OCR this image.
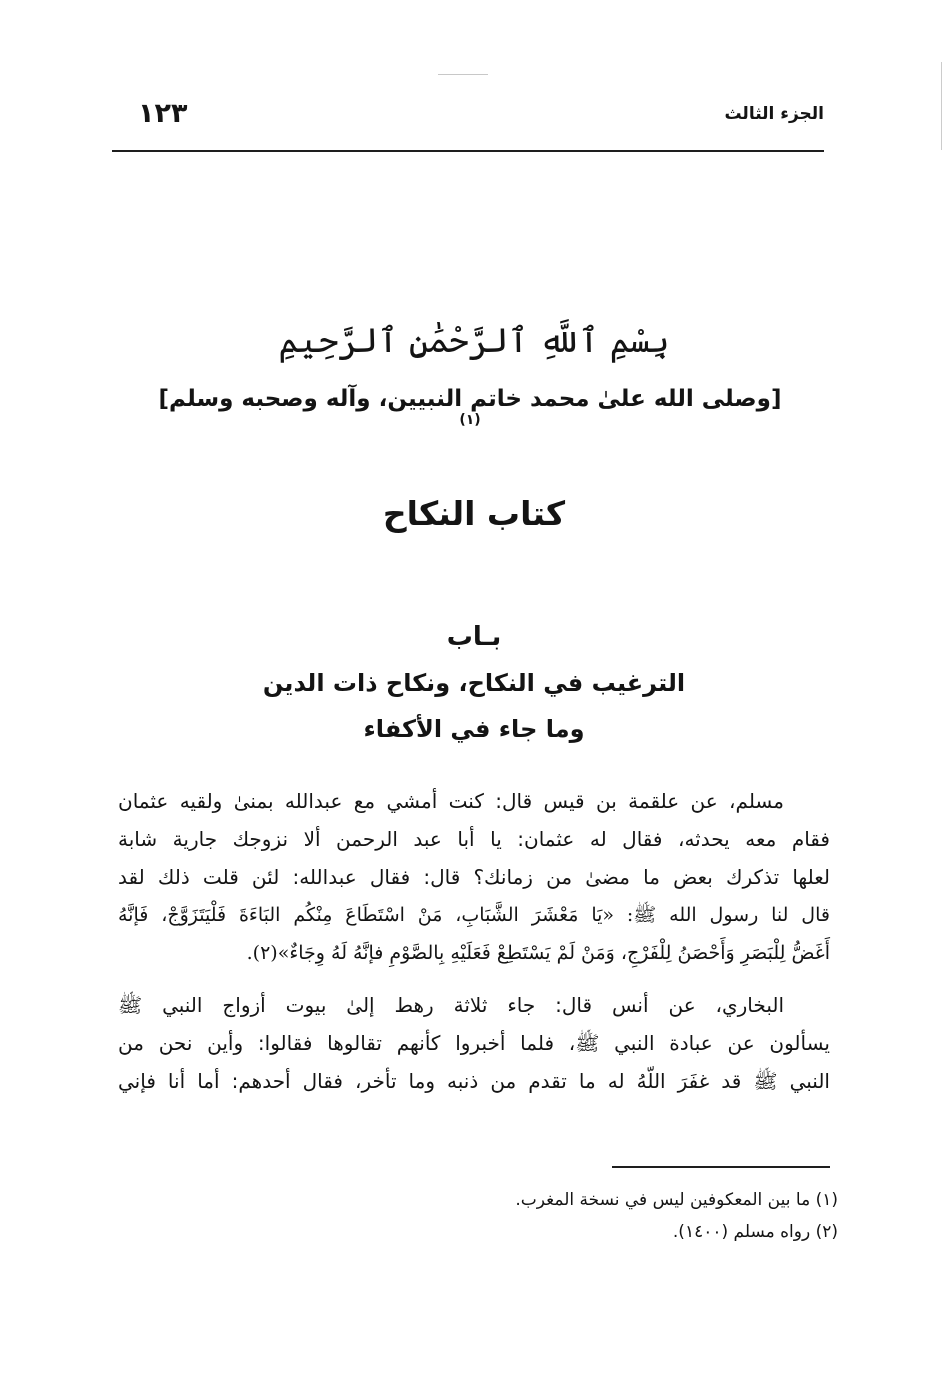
الجزء الثالث
١٢٣
بِسْمِ ٱللَّهِ ٱلرَّحْمَٰنِ ٱلرَّحِيمِ
[وصلى الله علىٰ محمد خاتم النبيين، وآله وصحبه وسلم]$^{(١)}$
كتاب النكاح
بـاب
الترغيب في النكاح، ونكاح ذات الدين
وما جاء في الأكفاء
مسلم، عن علقمة بن قيس قال: كنت أمشي مع عبدالله بمنىٰ ولقيه عثمان
فقام معه يحدثه، فقال له عثمان: يا أبا عبد الرحمن ألا نزوجك جارية شابة
لعلها تذكرك بعض ما مضىٰ من زمانك؟ قال: فقال عبدالله: لئن قلت ذلك لقد
قال لنا رسول الله ﷺ: «يَا مَعْشَرَ الشَّبَابِ، مَنْ اسْتَطَاعَ مِنْكُم البَاءَةَ فَلْيَتَزَوَّجْ، فَإنَّهُ
أَغَضُّ لِلْبَصَرِ وَأَحْصَنُ لِلْفَرْجِ، وَمَنْ لَمْ يَسْتَطِعْ فَعَلَيْهِ بِالصَّوْمِ فإنَّهُ لَهُ وِجَاءٌ»(٢).
البخاري، عن أنس قال: جاء ثلاثة رهط إلىٰ بيوت أزواج النبي ﷺ
يسألون عن عبادة النبي ﷺ، فلما أخبروا كأنهم تقالوها فقالوا: وأين نحن من
النبي ﷺ قد غفَرَ اللّهُ له ما تقدم من ذنبه وما تأخر، فقال أحدهم: أما أنا فإني
(١) ما بين المعكوفين ليس في نسخة المغرب.
(٢) رواه مسلم (١٤٠٠).
